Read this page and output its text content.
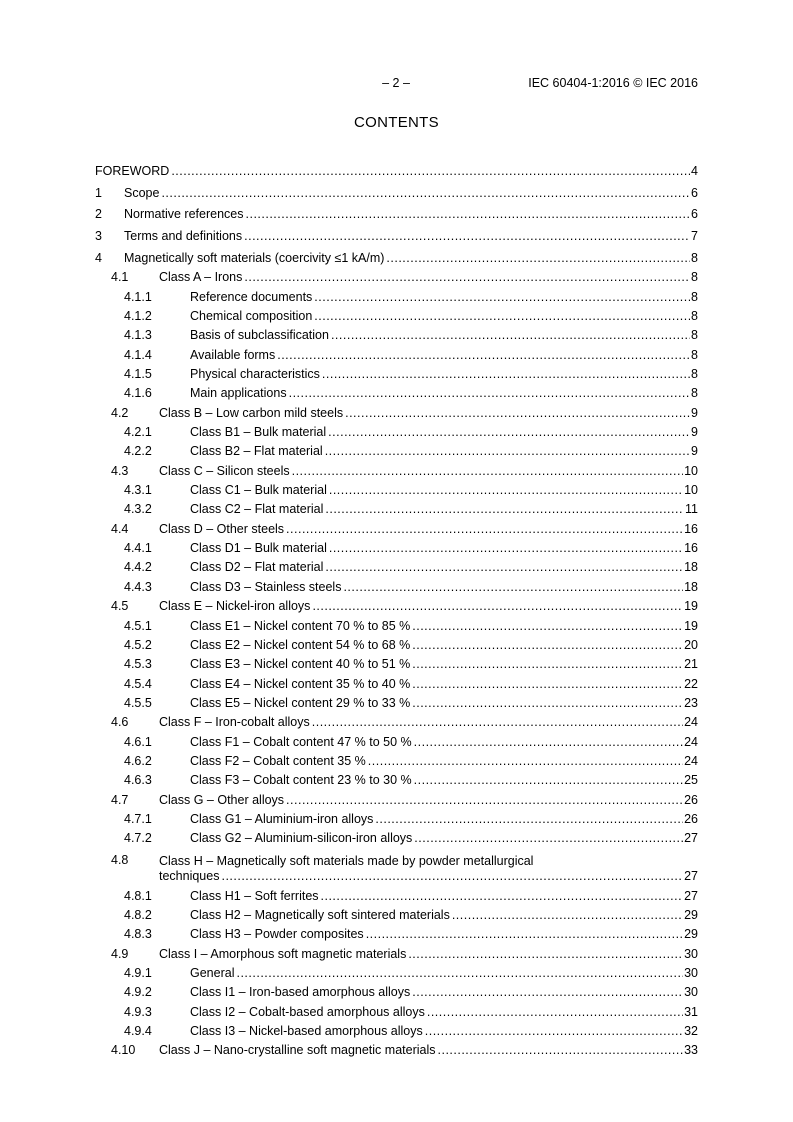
– 2 –	IEC 60404-1:2016 © IEC 2016
CONTENTS
FOREWORD .....	4
1 Scope .....	6
2 Normative references .....	6
3 Terms and definitions .....	7
4 Magnetically soft materials (coercivity ≤1 kA/m) .....	8
4.1 Class A – Irons .....	8
4.1.1	Reference documents .....	8
4.1.2	Chemical composition .....	8
4.1.3	Basis of subclassification .....	8
4.1.4	Available forms .....	8
4.1.5	Physical characteristics .....	8
4.1.6	Main applications .....	8
4.2 Class B – Low carbon mild steels .....	9
4.2.1	Class B1 – Bulk material .....	9
4.2.2	Class B2 – Flat material .....	9
4.3 Class C – Silicon steels .....	10
4.3.1	Class C1 – Bulk material .....	10
4.3.2	Class C2 – Flat material .....	11
4.4 Class D – Other steels .....	16
4.4.1	Class D1 – Bulk material .....	16
4.4.2	Class D2 – Flat material .....	18
4.4.3	Class D3 – Stainless steels .....	18
4.5 Class E – Nickel-iron alloys .....	19
4.5.1	Class E1 – Nickel content 70 % to 85 % .....	19
4.5.2	Class E2 – Nickel content 54 % to 68 % .....	20
4.5.3	Class E3 – Nickel content 40 % to 51 % .....	21
4.5.4	Class E4 – Nickel content 35 % to 40 % .....	22
4.5.5	Class E5 – Nickel content 29 % to 33 % .....	23
4.6 Class F – Iron-cobalt alloys .....	24
4.6.1	Class F1 – Cobalt content 47 % to 50 % .....	24
4.6.2	Class F2 – Cobalt content 35 % .....	24
4.6.3	Class F3 – Cobalt content 23 % to 30 % .....	25
4.7 Class G – Other alloys .....	26
4.7.1	Class G1 – Aluminium-iron alloys .....	26
4.7.2	Class G2 – Aluminium-silicon-iron alloys .....	27
4.8 Class H – Magnetically soft materials made by powder metallurgical
techniques .....	27
4.8.1	Class H1 – Soft ferrites .....	27
4.8.2	Class H2 – Magnetically soft sintered materials .....	29
4.8.3	Class H3 – Powder composites .....	29
4.9 Class I – Amorphous soft magnetic materials .....	30
4.9.1	General .....	30
4.9.2	Class I1 – Iron-based amorphous alloys .....	30
4.9.3	Class I2 – Cobalt-based amorphous alloys .....	31
4.9.4	Class I3 – Nickel-based amorphous alloys .....	32
4.10 Class J – Nano-crystalline soft magnetic materials .....	33
